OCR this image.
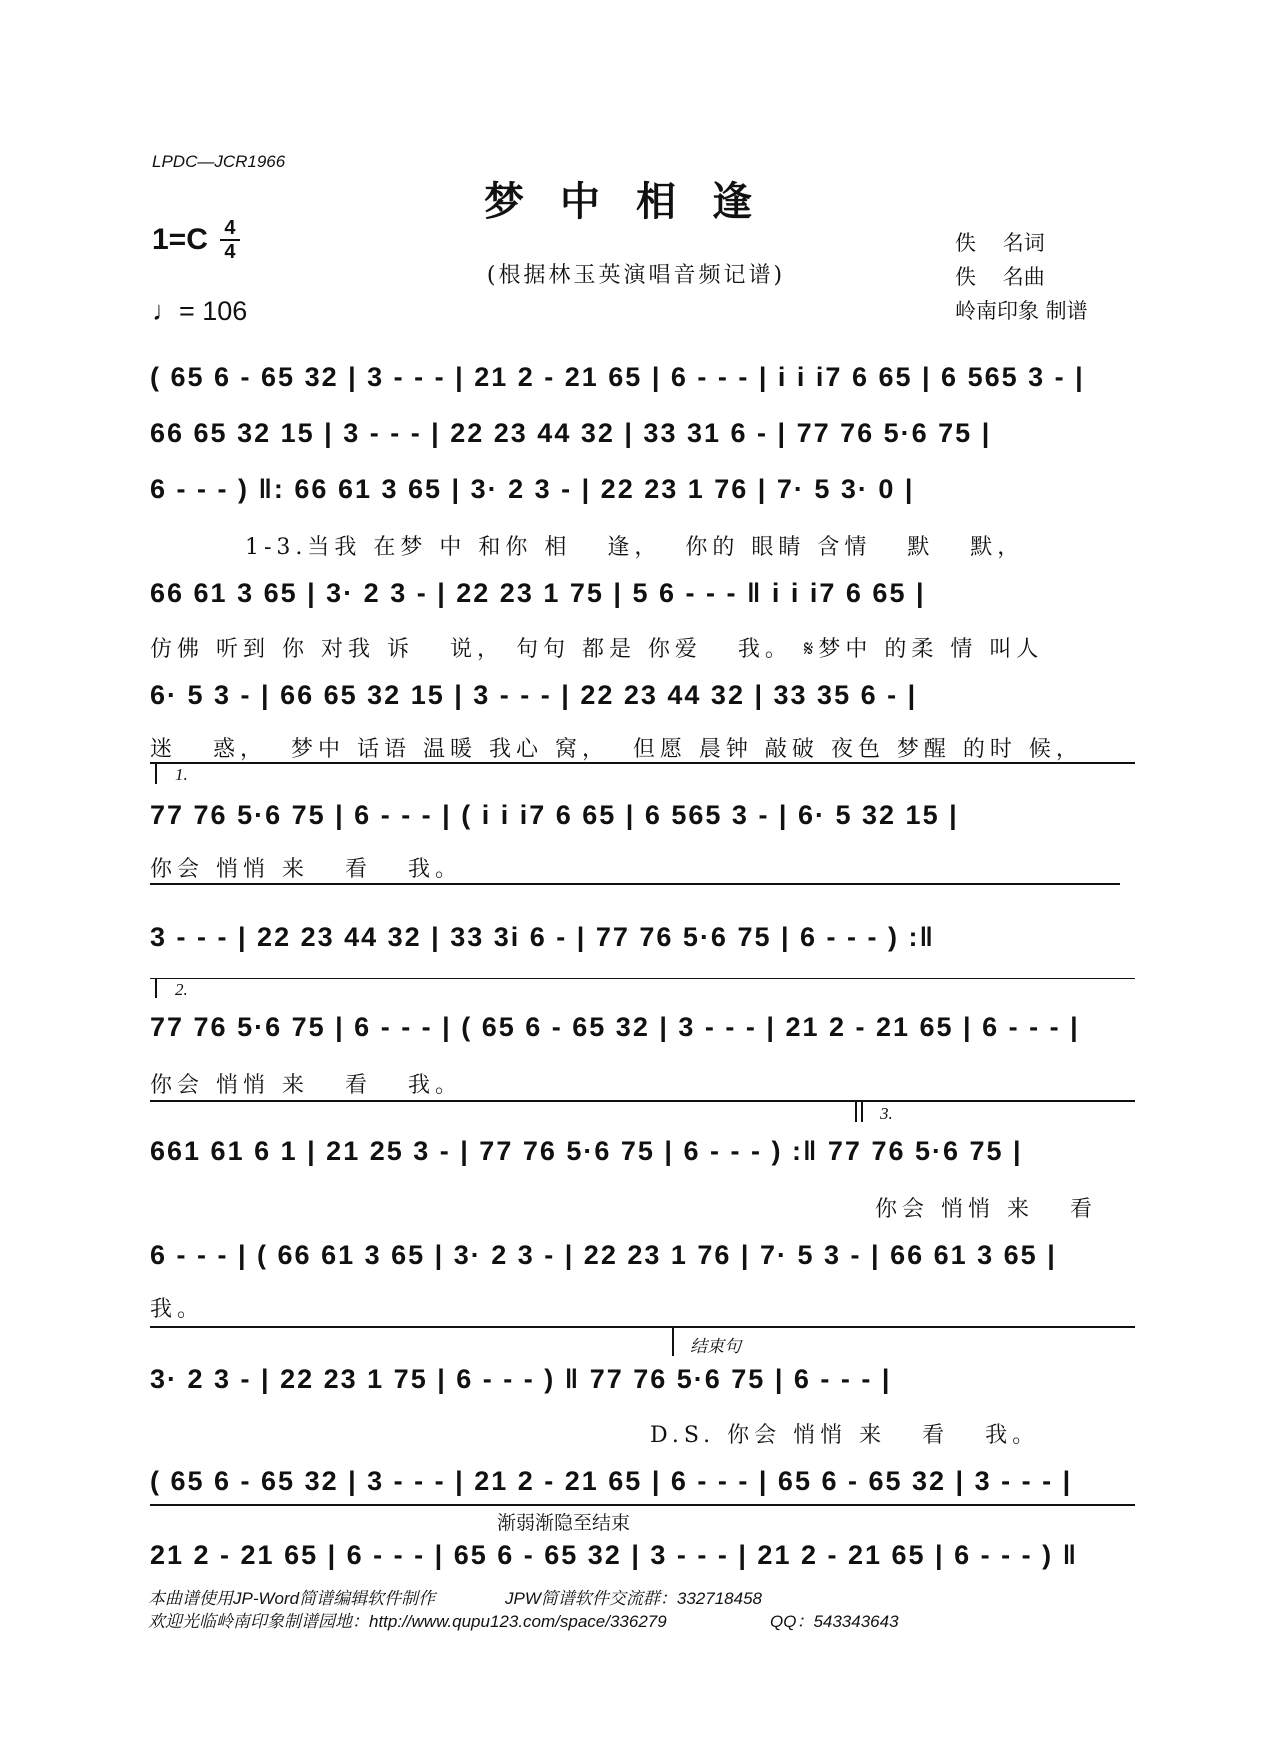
LPDC—JCR1966
梦中相逢
$1=C \frac{4}{4}$
(根据林玉英演唱音频记谱)
佚    名词
佚    名曲
岭南印象 制谱
♩= 106
( 65 6 - 65 32 | 3 - - - | 21 2 - 21 65 | 6 - - - | i i i7 6 65 | 6 565 3 - |
66 65 32 15 | 3 - - - | 22 23 44 32 | 33 31 6 - | 77 76 5·6 75 |
6 - - - ) ‖: 66 61 3 65 | 3· 2 3 - | 22 23 1 76 | 7· 5 3· 0 |
1-3.当我 在梦 中 和你 相   逢，  你的 眼睛 含情   默   默，
66 61 3 65 | 3· 2 3 - | 22 23 1 75 | 5 6 - - - ‖ i i i7 6 65 |
仿佛 听到 你 对我 诉   说， 句句 都是 你爱   我。 𝄋梦中 的柔 情 叫人
6· 5 3 - | 66 65 32 15 | 3 - - - | 22 23 44 32 | 33 35 6 - |
迷   惑，  梦中 话语 温暖 我心 窝，  但愿 晨钟 敲破 夜色 梦醒 的时 候，
1.
77 76 5·6 75 | 6 - - - | ( i i i7 6 65 | 6 565 3 - | 6· 5 32 15 |
你会 悄悄 来   看   我。
3 - - - | 22 23 44 32 | 33 3i 6 - | 77 76 5·6 75 | 6 - - - ) :‖
2.
77 76 5·6 75 | 6 - - - | ( 65 6 - 65 32 | 3 - - - | 21 2 - 21 65 | 6 - - - |
你会 悄悄 来   看   我。
3.
661 61 6 1 | 21 25 3 - | 77 76 5·6 75 | 6 - - - ) :‖ 77 76 5·6 75 |
你会 悄悄 来   看
6 - - - | ( 66 61 3 65 | 3· 2 3 - | 22 23 1 76 | 7· 5 3 - | 66 61 3 65 |
我。
结束句
3· 2 3 - | 22 23 1 75 | 6 - - - ) ‖ 77 76 5·6 75 | 6 - - - |
D.S. 你会 悄悄 来   看   我。
( 65 6 - 65 32 | 3 - - - | 21 2 - 21 65 | 6 - - - | 65 6 - 65 32 | 3 - - - |
渐弱渐隐至结束
21 2 - 21 65 | 6 - - - | 65 6 - 65 32 | 3 - - - | 21 2 - 21 65 | 6 - - - ) ‖
本曲谱使用JP-Word简谱编辑软件制作	JPW简谱软件交流群：332718458
欢迎光临岭南印象制谱园地：http://www.qupu123.com/space/336279	QQ：543343643
